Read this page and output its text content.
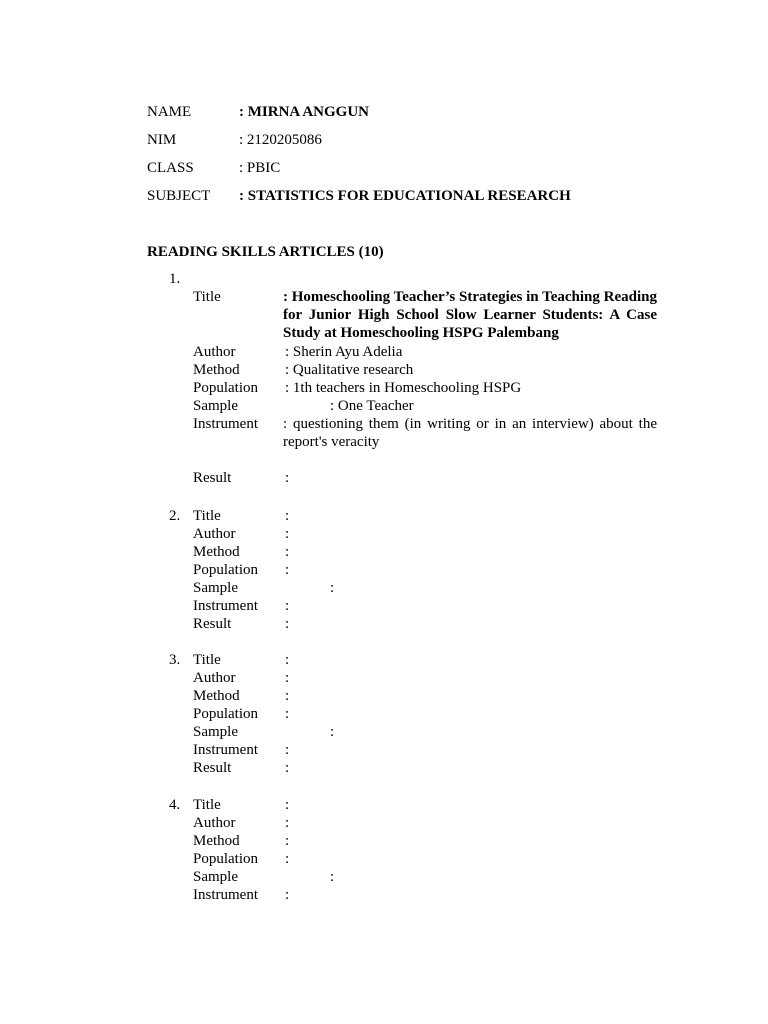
NAME	: MIRNA ANGGUN
NIM	: 2120205086
CLASS	: PBIC
SUBJECT : STATISTICS FOR EDUCATIONAL RESEARCH
READING SKILLS ARTICLES (10)
1.
Title	: Homeschooling Teacher’s Strategies in Teaching Reading for Junior High School Slow Learner Students: A Case Study at Homeschooling HSPG Palembang
Author	: Sherin Ayu Adelia
Method	: Qualitative research
Population : 1th teachers in Homeschooling HSPG
Sample	: One Teacher
Instrument : questioning them (in writing or in an interview) about the report's veracity
Result	:
2. Title	:
Author	:
Method	:
Population :
Sample	:
Instrument :
Result	:
3. Title	:
Author	:
Method	:
Population :
Sample	:
Instrument :
Result	:
4. Title	:
Author	:
Method	:
Population :
Sample	:
Instrument :
